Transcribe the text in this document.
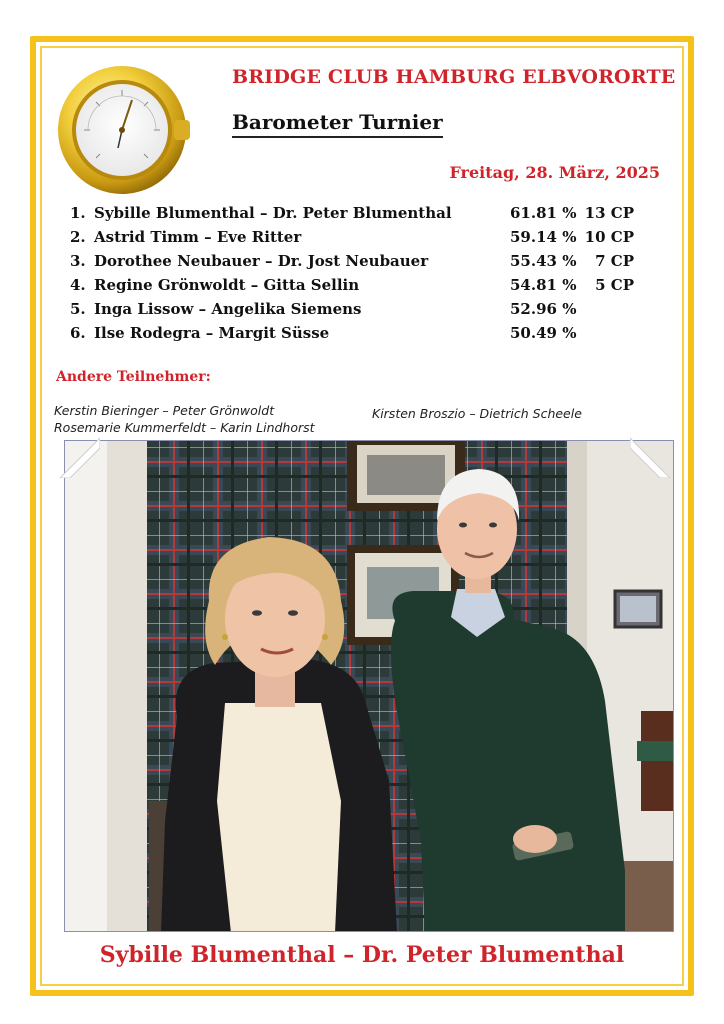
BRIDGE CLUB HAMBURG ELBVORORTE
Barometer Turnier
Freitag, 28. März, 2025
1. Sybille Blumenthal – Dr. Peter Blumenthal	61.81 % 13 CP
2. Astrid Timm – Eve Ritter	59.14 % 10 CP
3. Dorothee Neubauer – Dr. Jost Neubauer	55.43 %	7 CP
4. Regine Grönwoldt – Gitta Sellin	54.81 %	5 CP
5. Inga Lissow – Angelika Siemens	52.96 %
6. Ilse Rodegra – Margit Süsse	50.49 %
Andere Teilnehmer:
Kerstin Bieringer – Peter Grönwoldt
Rosemarie Kummerfeldt – Karin Lindhorst
Kirsten Broszio – Dietrich Scheele
Sybille Blumenthal – Dr. Peter Blumenthal
